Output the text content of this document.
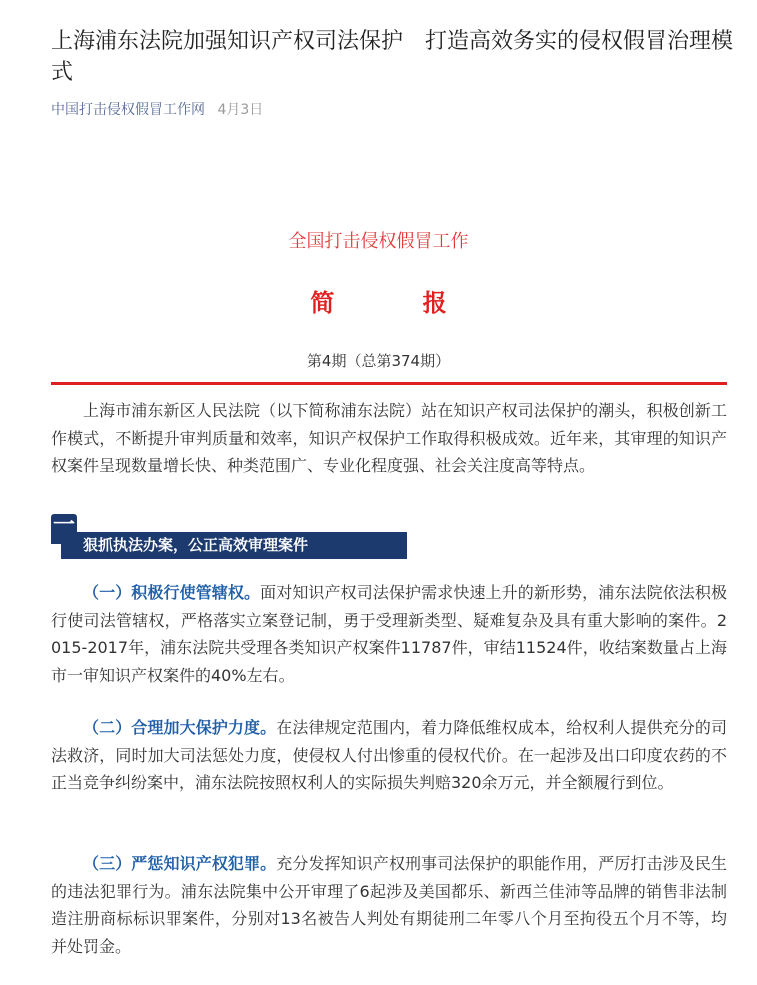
上海浦东法院加强知识产权司法保护　打造高效务实的侵权假冒治理模式
中国打击侵权假冒工作网 4月3日
全国打击侵权假冒工作
简 报
第4期（总第374期）

上海市浦东新区人民法院（以下简称浦东法院）站在知识产权司法保护的潮头，积极创新工作模式，不断提升审判质量和效率，知识产权保护工作取得积极成效。近年来，其审理的知识产权案件呈现数量增长快、种类范围广、专业化程度强、社会关注度高等特点。

狠抓执法办案，公正高效审理案件
一

（一）积极行使管辖权。面对知识产权司法保护需求快速上升的新形势，浦东法院依法积极行使司法管辖权，严格落实立案登记制，勇于受理新类型、疑难复杂及具有重大影响的案件。2015-2017年，浦东法院共受理各类知识产权案件11787件，审结11524件，收结案数量占上海市一审知识产权案件的40%左右。

（二）合理加大保护力度。在法律规定范围内，着力降低维权成本，给权利人提供充分的司法救济，同时加大司法惩处力度，使侵权人付出惨重的侵权代价。在一起涉及出口印度农药的不正当竞争纠纷案中，浦东法院按照权利人的实际损失判赔320余万元，并全额履行到位。

（三）严惩知识产权犯罪。充分发挥知识产权刑事司法保护的职能作用，严厉打击涉及民生的违法犯罪行为。浦东法院集中公开审理了6起涉及美国都乐、新西兰佳沛等品牌的销售非法制造注册商标标识罪案件，分别对13名被告人判处有期徒刑二年零八个月至拘役五个月不等，均并处罚金。
